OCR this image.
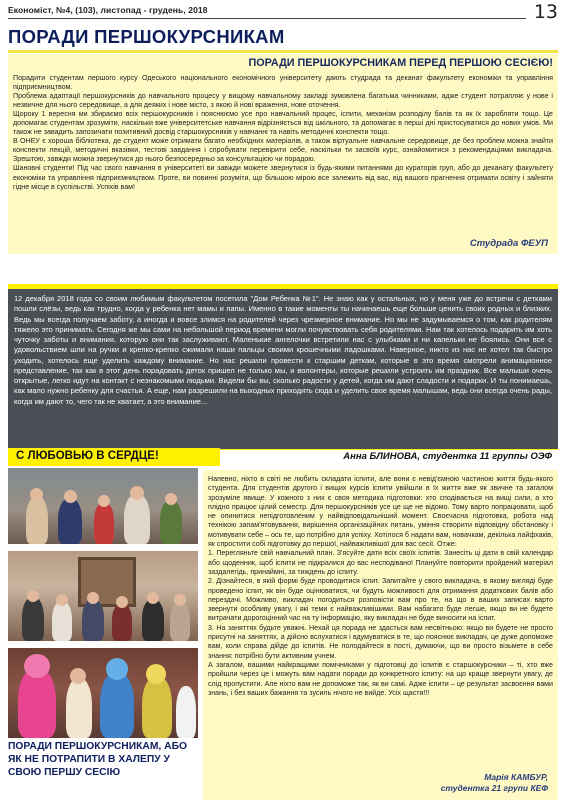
Економіст, №4, (103), листопад - грудень, 2018	13
ПОРАДИ ПЕРШОКУРСНИКАМ
ПОРАДИ ПЕРШОКУРСНИКАМ ПЕРЕД ПЕРШОЮ СЕСІЄЮ!

Порадити студентам першого курсу Одеського національного економічного університету дають студрада та деканат факультету економіки та управління підприємництвом.

Проблема адаптації першокурсників до навчального процесу у вищому навчальному закладі зумовлена багатьма чинниками, адже студент потрапляє у нове і незвичне для нього середовище, а для деяких і нове місто, з якою й нові враження, нове оточення.

Щороку 1 вересня ми збираємо всіх першокурсників і пояснюємо усе про навчальний процес, іспити, механізм розподілу балів та як їх заробляти тощо. Це допомагає студентам зрозуміти, наскільки вже університетське навчання відрізняється від шкільного, та допомагає в перші дні пристосуватися до нових умов. Ми також не завадить запозичати позитивний досвід старшокурсників у навчанні та навіть методичні конспекти тощо.

В ОНЕУ є хороша бібліотека, де студент може отримати багато необхідних матеріалів, а також віртуальне навчальне середовище, де без проблем можна знайти конспекти лекцій, методичні вказівки, тестові завдання і спробувати перевірити себе, наскільки ти засвоїв курс, ознайомитися з рекомендаціями викладача. Зрештою, завжди можна звернутися до нього безпосередньо за консультацією чи порадою.

Шановні студенти! Під час свого навчання в університеті ви завжди можете звернутися із будь-якими питаннями до кураторів груп, або до деканату факультету економіки та управління підприємництвом. Проте, ви повинні розуміти, що більшою мірою все залежить від вас, від вашого прагнення отримати освіту і зайняти гідне місце в суспільстві. Успіхів вам!

Студрада ФЕУП
12 декабря 2018 года со своим любимым факультетом посетила "Дом Ребенка №1". Не знаю как у остальных, но у меня уже до встречи с детками пошли слёзы, ведь как трудно, когда у ребенка нет мамы и папы. Именно в такие моменты ты начинаешь еще больше ценить своих родных и близких. Ведь мы всегда получаем заботу, а иногда и вовсе злимся на родителей через чрезмерное внимание. Но мы не задумываемся о том, как родителям тяжело это принимать. Сегодня же мы сами на небольшой период времени могли почувствовать себя родителями. Нам так хотелось подарить им хоть чуточку заботы и внимания, которую они так заслуживают. Маленькие ангелочки встретили нас с улыбками и ни капельки не боялись. Они все с удовольствием шли на ручки и крепко-крепко сжимали наши пальцы своими крошечными ладошками. Наверное, никто из нас не хотел так быстро уходить, хотелось еще уделить каждому внимание. Но нас решили провести к старшим деткам, которые в это время смотрели анимационное представление, так как в этот день порадовать деток пришел не только мы, и волонтеры, которые решили устроить им праздник. Все малыши очень открытые, легко идут на контакт с незнакомыми людьми. Видели бы вы, сколько радости у детей, когда им дают сладости и подарки. И ты понимаешь, как мало нужно ребенку для счастья. А еще, нам разрешили на выходных приходить сюда и уделить свое время малышам, ведь они всегда очень рады, когда им дают то, чего так не хватает, а это внимание...
С ЛЮБОВЬЮ В СЕРДЦЕ!	Анна БЛИНОВА, студентка 11 группы ОЭФ

Напевно, ніхто в світі не любить складати іспити, але вони є невід'ємною частиною життя будь-якого студента. Для студентів другого і вищих курсів іспити увійшли в їх життя вже як звичне та загалом зрозуміле явище. У кожного з них є своя методика підготовки: хто сподівається на вищі сили, а хто плідно працює цілий семестр. Для першокурсників усе це ще не відомо. Тому варто попрацювати, щоб не опинитися непідготовленим у найвідповідальніший момент. Своєчасна підготовка, робота над технікою запам'ятовування, вирішення організаційних питань, уміння створити відповідну обстановку і мотивувати себе – ось те, що потрібно для успіху. Хотілося б надати вам, новачкам, декілька лайфхаків, як спростити собі підготовку до першої, найважливішої для вас сесії. Отже:

1. Перегляньте свій навчальний план. З'ясуйте дати всіх своїх іспитів. Занесіть ці дати в свій календар або щоденник, щоб іспити не підкралися до вас несподівано! Плануйте повторити пройдений матеріал заздалегідь, принаймні, за тиждень до іспиту.

2. Дізнайтеся, в якій формі буде проводитися іспит. Запитайте у свого викладача, в якому вигляді буде проведено іспит, як він буде оцінюватися, чи будуть можливості для отримання додаткових балів або перездачі. Можливо, викладач погодиться розповісти вам про те, на що в ваших записах варто звернути особливу увагу, і які теми є найважливішими. Вам набагато буде легше, якщо ви не будете витрачати дорогоцінний час на ту інформацію, яку викладач не буде виносити на іспит.

3. На заняттях будьте уважні. Нехай ця порада не здасться вам несвітньою: якщо ви будете не просто присутні на заняттях, а дійсно вслухатися і вдумуватися в те, що пояснює викладач, це дуже допоможе вам, коли справа дійде до іспитів. Не полодайтеся в пості, думаючи, що ви просто візьмете в себе знання: потрібно бути активним учнем.

А загалом, вашими найкращими помічниками у підготовці до іспитів є старшокурсники – ті, хто вже пройшли через це і можуть вам надати поради до конкретного іспиту: на що краще звернути увагу, де слід пропустити. Але ніхто вам не допоможе так, як ви самі. Адже іспити – це результат засвоєння вами знань, і без ваших бажання та зусиль нічого не вийде. Усіх щастя!!!

Марія КАМБУР,
студентка 21 групи КЕФ
ПОРАДИ ПЕРШОКУРСНИКАМ, АБО ЯК НЕ ПОТРАПИТИ В ХАЛЕПУ У СВОЮ ПЕРШУ СЕСІЮ
